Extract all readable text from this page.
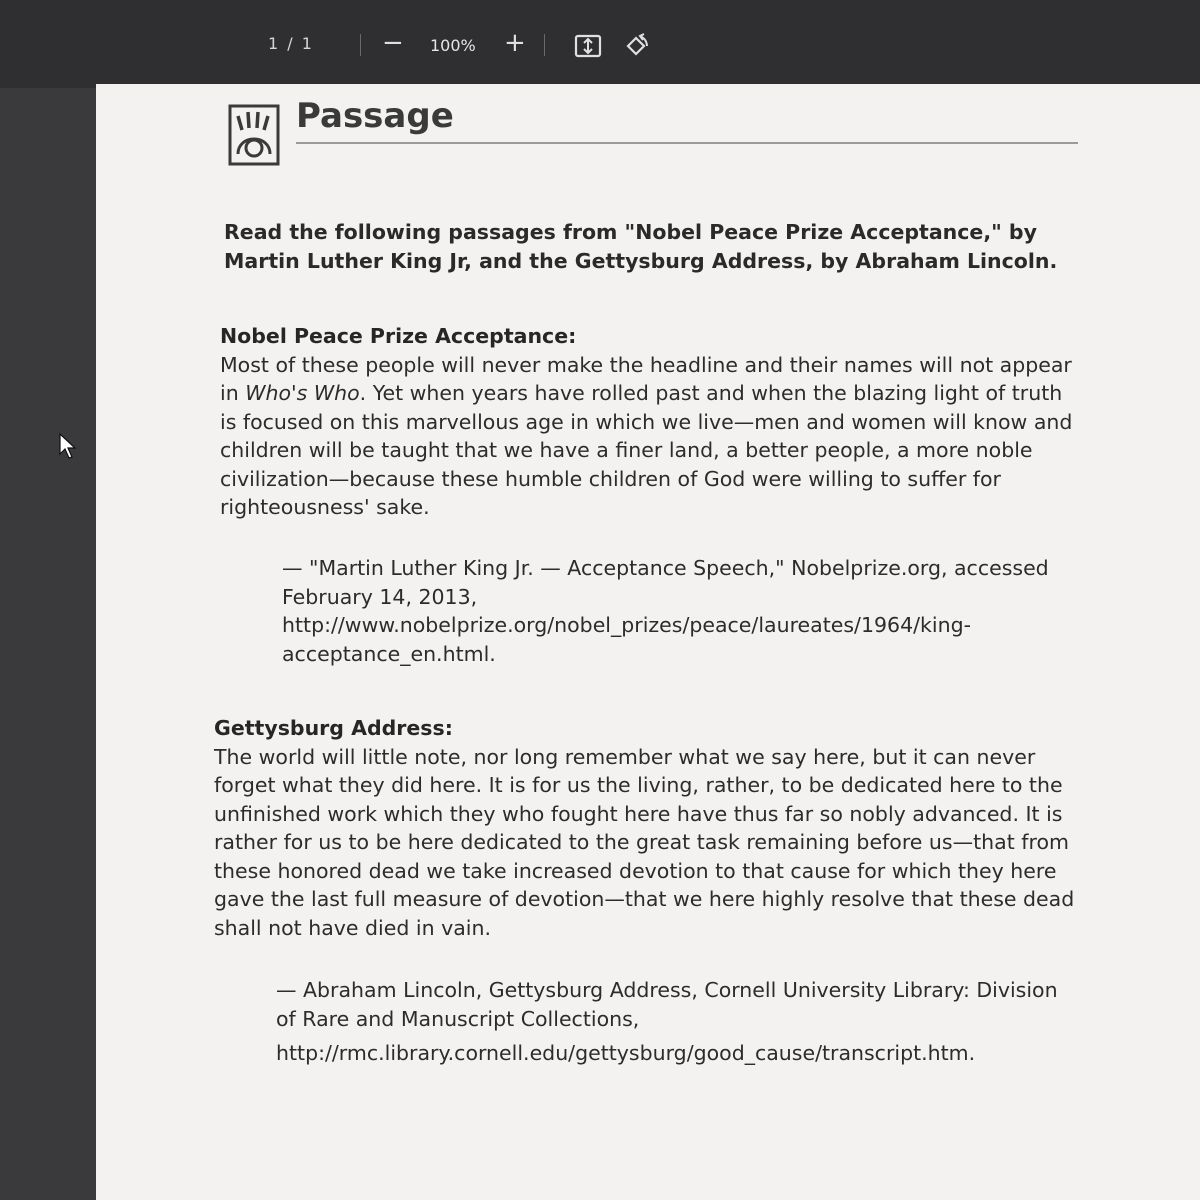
1 / 1	− 100% +
Passage
Read the following passages from "Nobel Peace Prize Acceptance," by
Martin Luther King Jr, and the Gettysburg Address, by Abraham Lincoln.
Nobel Peace Prize Acceptance:
Most of these people will never make the headline and their names will not appear
in Who's Who. Yet when years have rolled past and when the blazing light of truth
is focused on this marvellous age in which we live—men and women will know and
children will be taught that we have a finer land, a better people, a more noble
civilization—because these humble children of God were willing to suffer for
righteousness' sake.
— "Martin Luther King Jr. — Acceptance Speech," Nobelprize.org, accessed
February 14, 2013,
http://www.nobelprize.org/nobel_prizes/peace/laureates/1964/king-
acceptance_en.html.
Gettysburg Address:
The world will little note, nor long remember what we say here, but it can never
forget what they did here. It is for us the living, rather, to be dedicated here to the
unfinished work which they who fought here have thus far so nobly advanced. It is
rather for us to be here dedicated to the great task remaining before us—that from
these honored dead we take increased devotion to that cause for which they here
gave the last full measure of devotion—that we here highly resolve that these dead
shall not have died in vain.
— Abraham Lincoln, Gettysburg Address, Cornell University Library: Division
of Rare and Manuscript Collections,
http://rmc.library.cornell.edu/gettysburg/good_cause/transcript.htm.
